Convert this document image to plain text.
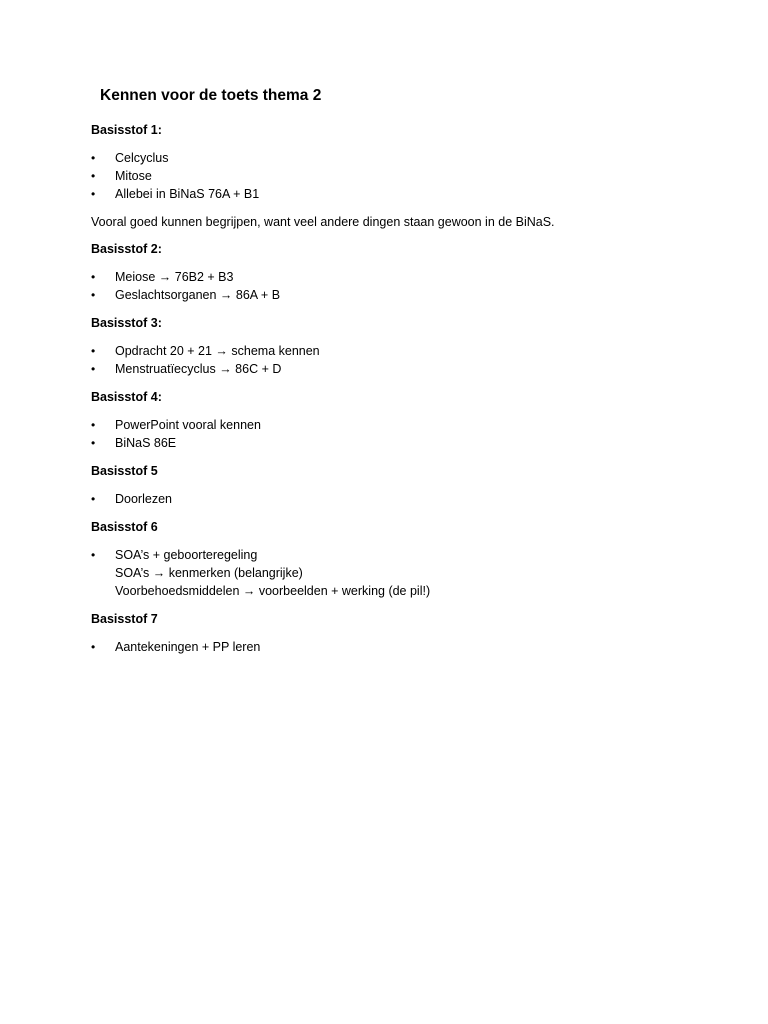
Kennen voor de toets thema 2
Basisstof 1:
•	Celcyclus
•	Mitose
•	Allebei in BiNaS 76A + B1
Vooral goed kunnen begrijpen, want veel andere dingen staan gewoon in de BiNaS.
Basisstof 2:
•	Meiose → 76B2 + B3
•	Geslachtsorganen → 86A + B
Basisstof 3:
•	Opdracht 20 + 21 → schema kennen
•	Menstruatïecyclus → 86C + D
Basisstof 4:
•	PowerPoint vooral kennen
•	BiNaS 86E
Basisstof 5
•	Doorlezen
Basisstof 6
•	SOA’s + geboorteregeling
SOA’s → kenmerken (belangrijke)
Voorbehoedsmiddelen → voorbeelden + werking (de pil!)
Basisstof 7
•	Aantekeningen + PP leren
